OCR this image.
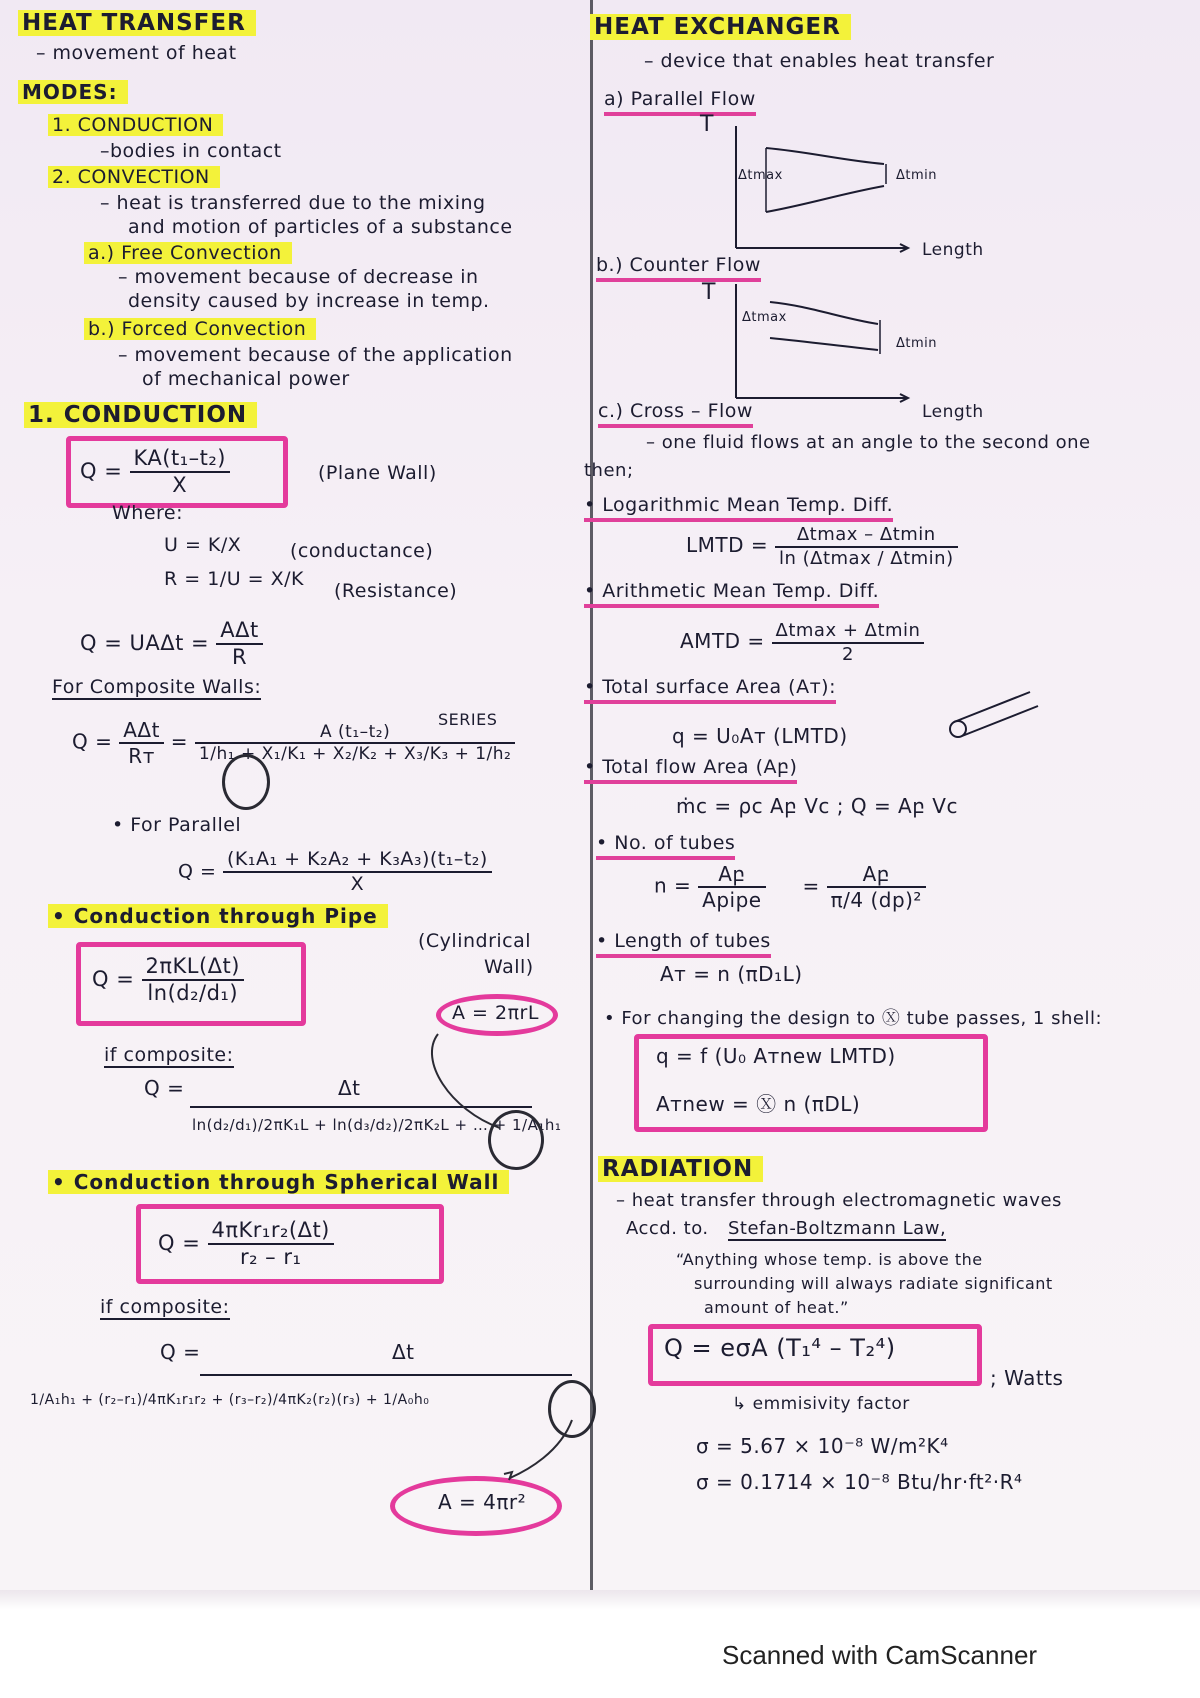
HEAT TRANSFER
– movement of heat
MODES:
1. CONDUCTION
–bodies in contact
2. CONVECTION
– heat is transferred due to the mixing
and motion of particles of a substance
a.) Free Convection
– movement because of decrease in
density caused by increase in temp.
b.) Forced Convection
– movement because of the application
of mechanical power
1. CONDUCTION
$Q = \frac{\text{KA(t₁–t₂)}}{X}$	(Plane Wall)
Where:
U = K/X	(conductance)
R = 1/U = X/K
(Resistance)
$Q = UA\Delta t = \frac{\text{AΔt}}{R}$
For Composite Walls:
SERIES
$Q = \frac{\text{AΔt}}{\text{Rᴛ}} = \frac{\text{A (t₁–t₂)}}{\text{1/h₁ + X₁/K₁ + X₂/K₂ + X₃/K₃ + 1/h₂}}$
• For Parallel
$Q = \frac{\text{(K₁A₁ + K₂A₂ + K₃A₃)(t₁–t₂)}}{X}$
• Conduction through Pipe
(Cylindrical
Wall)
$Q = \frac{\text{2πKL(Δt)}}{\text{ln(d₂/d₁)}}$
A = 2πrL
if composite:
Q =	Δt
ln(d₂/d₁)/2πK₁L + ln(d₃/d₂)/2πK₂L + … + 1/A₁h₁
• Conduction through Spherical Wall
$Q = \frac{\text{4πKr₁r₂(Δt)}}{\text{r₂ – r₁}}$
if composite:
Q =	Δt
1/A₁h₁ + (r₂–r₁)/4πK₁r₁r₂ + (r₃–r₂)/4πK₂(r₂)(r₃) + 1/A₀h₀
A = 4πr²
HEAT EXCHANGER
– device that enables heat transfer
a) Parallel Flow
T
Δtmax	Δtmin
Length
b.) Counter Flow
T
Δtmax
Δtmin
Length
c.) Cross – Flow
– one fluid flows at an angle to the second one
then;
• Logarithmic Mean Temp. Diff.
LMTD = $\frac{\Delta tmax - \Delta tmin}{\ln (\Delta tmax / \Delta tmin)}$
• Arithmetic Mean Temp. Diff.
AMTD = $\frac{\Delta tmax + \Delta tmin}{2}$
• Total surface Area (Aᴛ):
q = U₀Aᴛ (LMTD)
• Total flow Area (Aբ)
ṁc = ρc Aբ Vc ; Q = Aբ Vc
• No. of tubes
$n = \frac{\text{Aբ}}{\text{Apipe}} = \frac{\text{Aբ}}{\text{π/4 (dp)²}}$
• Length of tubes
Aᴛ = n (πD₁L)
• For changing the design to Ⓧ tube passes, 1 shell:
q = f (U₀ Aᴛnew LMTD)
Aᴛnew = Ⓧ n (πDL)
RADIATION
– heat transfer through electromagnetic waves
Accd. to. Stefan-Boltzmann Law,
“Anything whose temp. is above the
surrounding will always radiate significant
amount of heat.”
Q = eσA (T₁⁴ – T₂⁴)
; Watts
↳ emmisivity factor
σ = 5.67 × 10⁻⁸ W/m²K⁴
σ = 0.1714 × 10⁻⁸ Btu/hr·ft²·R⁴
Scanned with CamScanner
